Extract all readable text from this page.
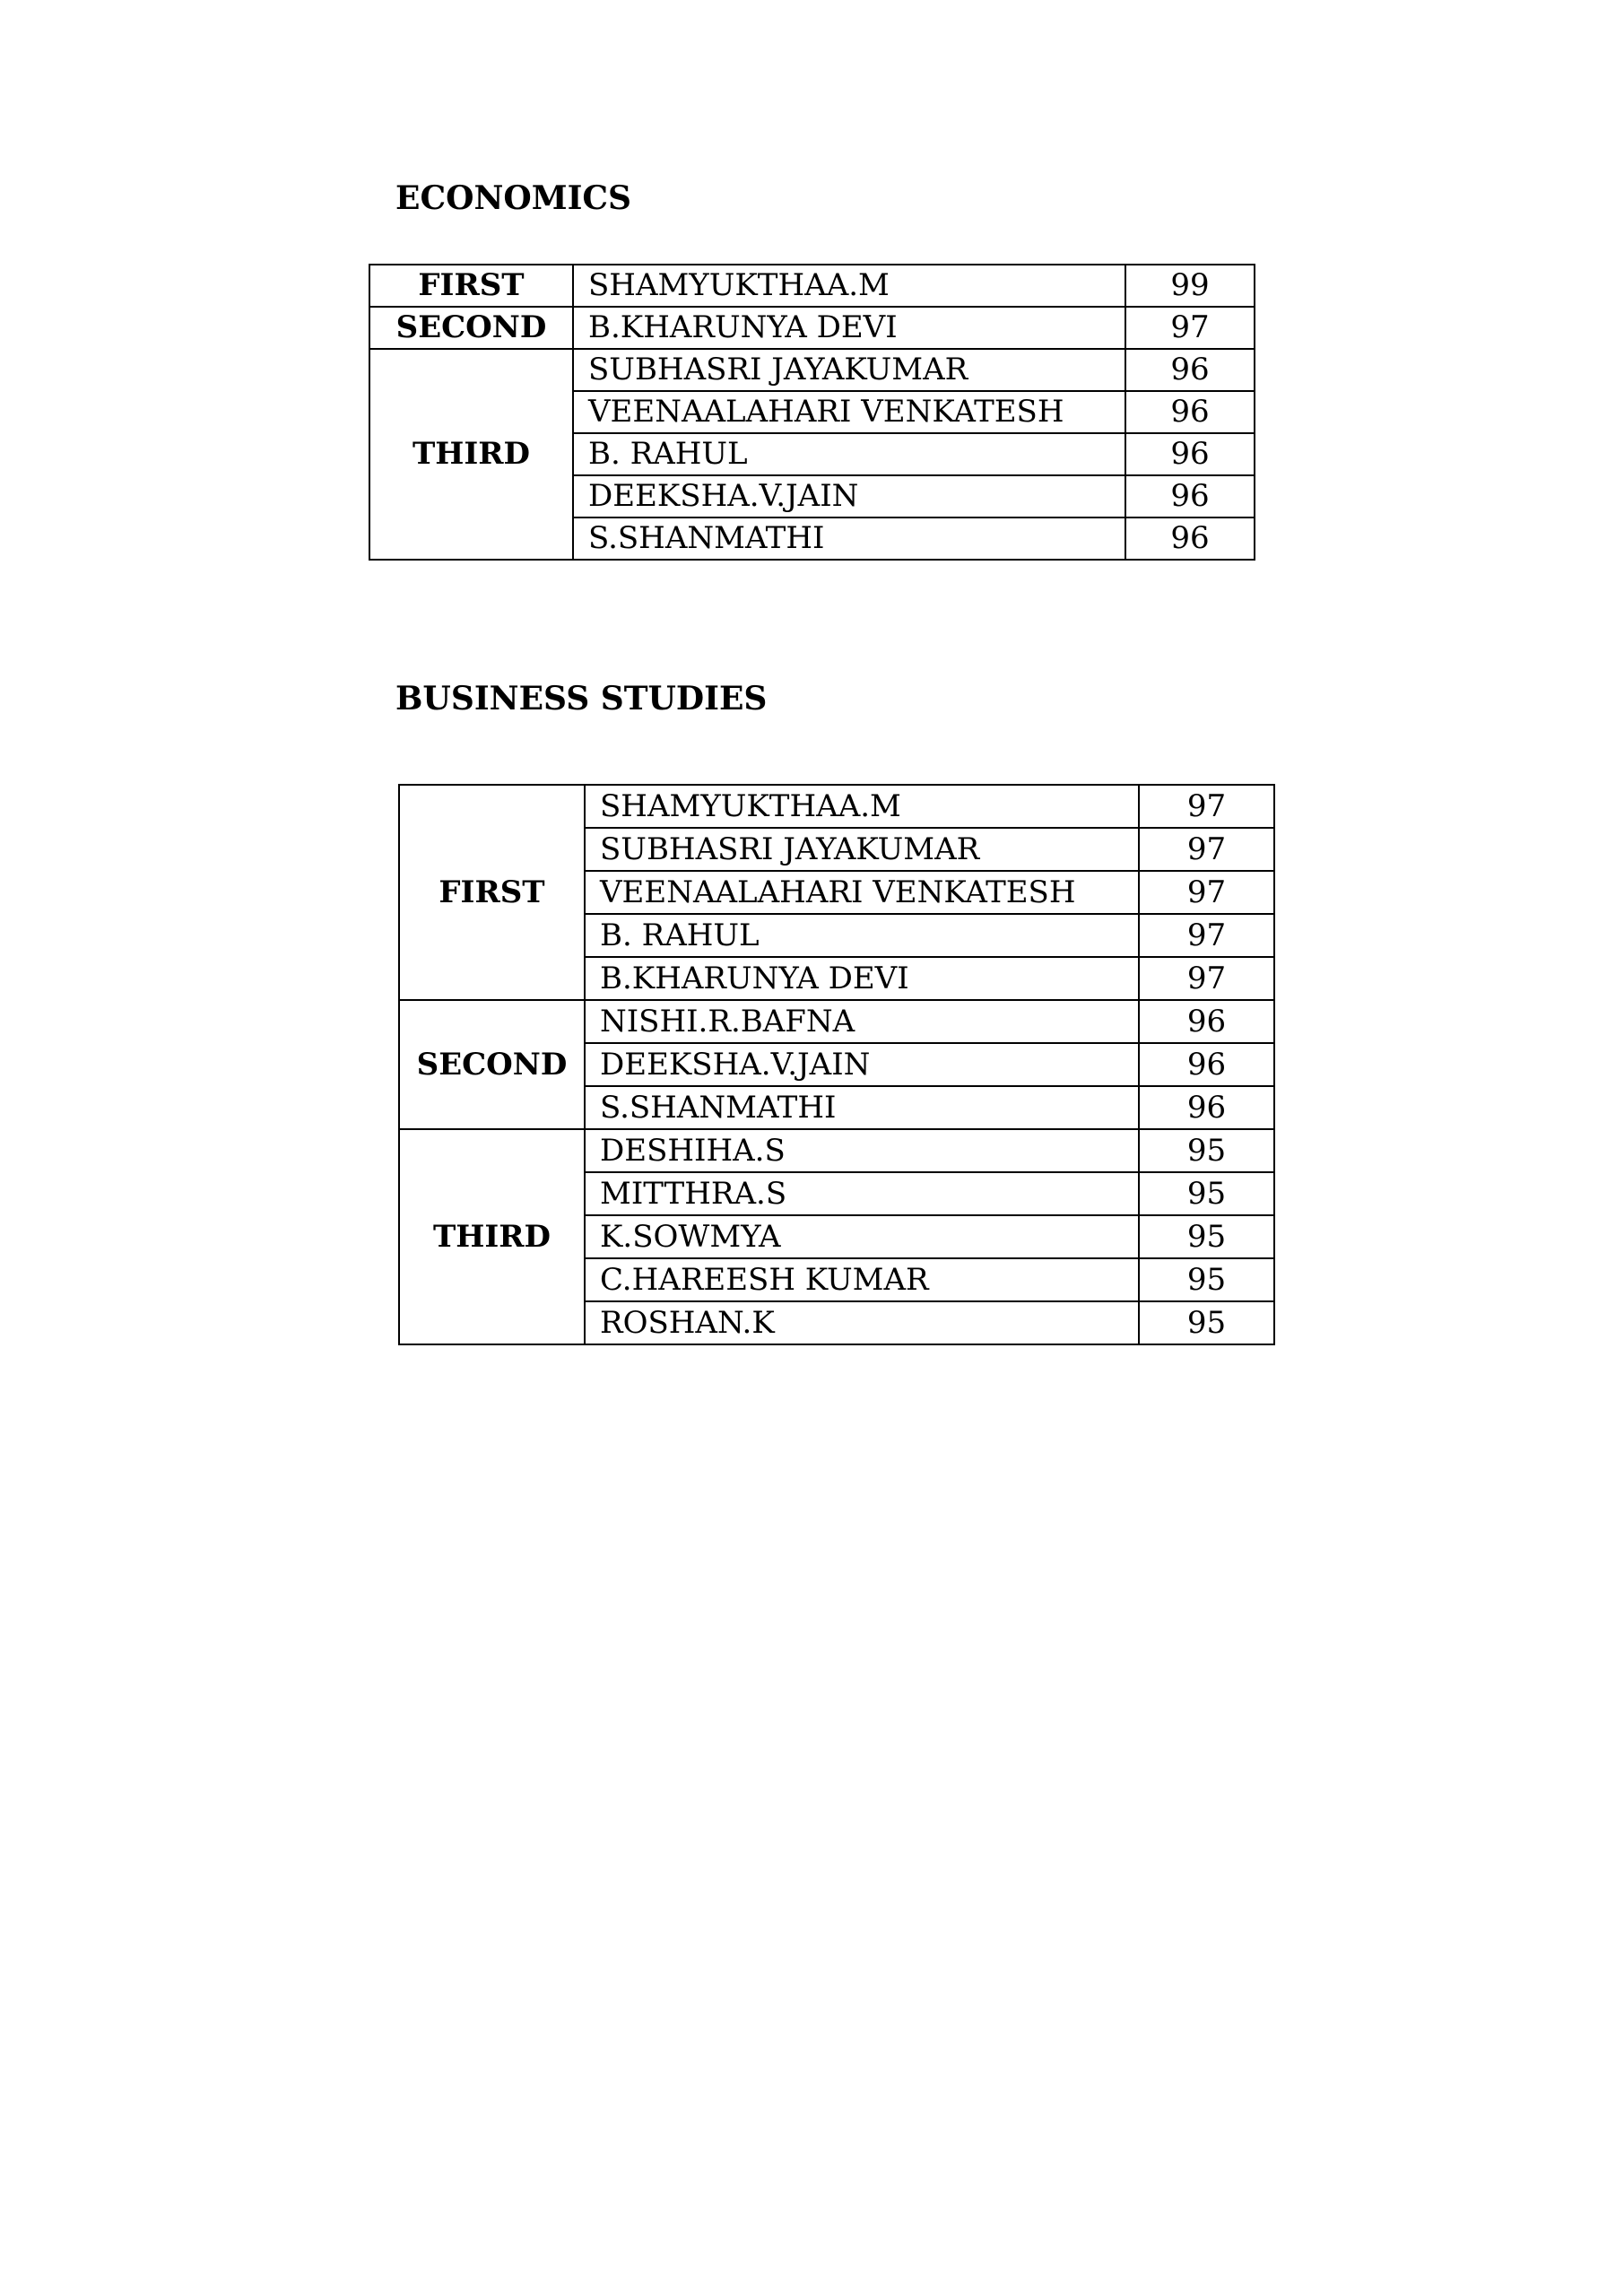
ECONOMICS
FIRST	SHAMYUKTHAA.M	99
SECOND	B.KHARUNYA DEVI	97
THIRD	SUBHASRI JAYAKUMAR	96
	VEENAALAHARI VENKATESH	96
	B. RAHUL	96
	DEEKSHA.V.JAIN	96
	S.SHANMATHI	96
BUSINESS STUDIES
FIRST	SHAMYUKTHAA.M	97
	SUBHASRI JAYAKUMAR	97
	VEENAALAHARI VENKATESH	97
	B. RAHUL	97
	B.KHARUNYA DEVI	97
SECOND	NISHI.R.BAFNA	96
	DEEKSHA.V.JAIN	96
	S.SHANMATHI	96
THIRD	DESHIHA.S	95
	MITTHRA.S	95
	K.SOWMYA	95
	C.HAREESH KUMAR	95
	ROSHAN.K	95
